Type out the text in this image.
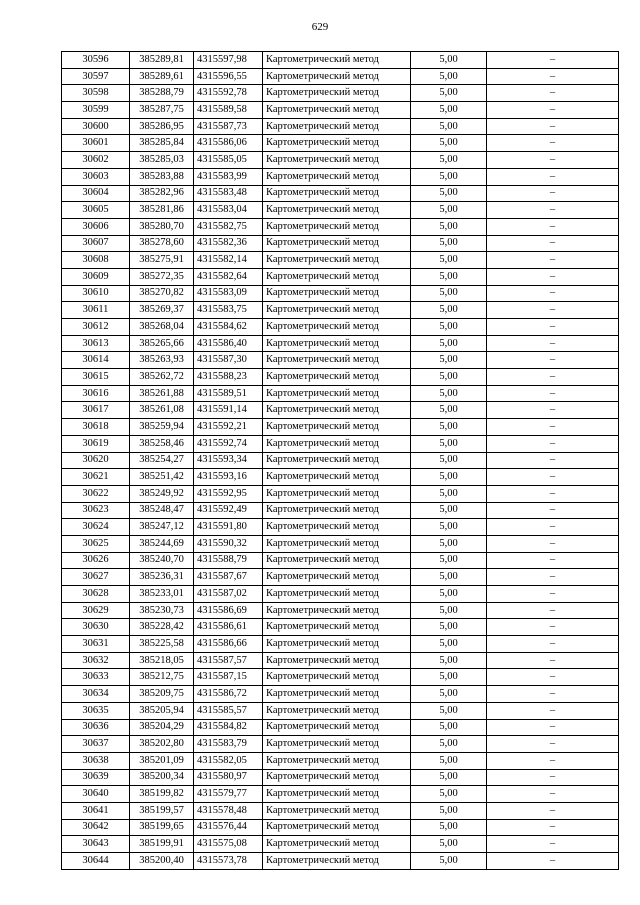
629
30596	385289,81	4315597,98	Картометрический метод	5,00	–
30597	385289,61	4315596,55	Картометрический метод	5,00	–
30598	385288,79	4315592,78	Картометрический метод	5,00	–
30599	385287,75	4315589,58	Картометрический метод	5,00	–
30600	385286,95	4315587,73	Картометрический метод	5,00	–
30601	385285,84	4315586,06	Картометрический метод	5,00	–
30602	385285,03	4315585,05	Картометрический метод	5,00	–
30603	385283,88	4315583,99	Картометрический метод	5,00	–
30604	385282,96	4315583,48	Картометрический метод	5,00	–
30605	385281,86	4315583,04	Картометрический метод	5,00	–
30606	385280,70	4315582,75	Картометрический метод	5,00	–
30607	385278,60	4315582,36	Картометрический метод	5,00	–
30608	385275,91	4315582,14	Картометрический метод	5,00	–
30609	385272,35	4315582,64	Картометрический метод	5,00	–
30610	385270,82	4315583,09	Картометрический метод	5,00	–
30611	385269,37	4315583,75	Картометрический метод	5,00	–
30612	385268,04	4315584,62	Картометрический метод	5,00	–
30613	385265,66	4315586,40	Картометрический метод	5,00	–
30614	385263,93	4315587,30	Картометрический метод	5,00	–
30615	385262,72	4315588,23	Картометрический метод	5,00	–
30616	385261,88	4315589,51	Картометрический метод	5,00	–
30617	385261,08	4315591,14	Картометрический метод	5,00	–
30618	385259,94	4315592,21	Картометрический метод	5,00	–
30619	385258,46	4315592,74	Картометрический метод	5,00	–
30620	385254,27	4315593,34	Картометрический метод	5,00	–
30621	385251,42	4315593,16	Картометрический метод	5,00	–
30622	385249,92	4315592,95	Картометрический метод	5,00	–
30623	385248,47	4315592,49	Картометрический метод	5,00	–
30624	385247,12	4315591,80	Картометрический метод	5,00	–
30625	385244,69	4315590,32	Картометрический метод	5,00	–
30626	385240,70	4315588,79	Картометрический метод	5,00	–
30627	385236,31	4315587,67	Картометрический метод	5,00	–
30628	385233,01	4315587,02	Картометрический метод	5,00	–
30629	385230,73	4315586,69	Картометрический метод	5,00	–
30630	385228,42	4315586,61	Картометрический метод	5,00	–
30631	385225,58	4315586,66	Картометрический метод	5,00	–
30632	385218,05	4315587,57	Картометрический метод	5,00	–
30633	385212,75	4315587,15	Картометрический метод	5,00	–
30634	385209,75	4315586,72	Картометрический метод	5,00	–
30635	385205,94	4315585,57	Картометрический метод	5,00	–
30636	385204,29	4315584,82	Картометрический метод	5,00	–
30637	385202,80	4315583,79	Картометрический метод	5,00	–
30638	385201,09	4315582,05	Картометрический метод	5,00	–
30639	385200,34	4315580,97	Картометрический метод	5,00	–
30640	385199,82	4315579,77	Картометрический метод	5,00	–
30641	385199,57	4315578,48	Картометрический метод	5,00	–
30642	385199,65	4315576,44	Картометрический метод	5,00	–
30643	385199,91	4315575,08	Картометрический метод	5,00	–
30644	385200,40	4315573,78	Картометрический метод	5,00	–
